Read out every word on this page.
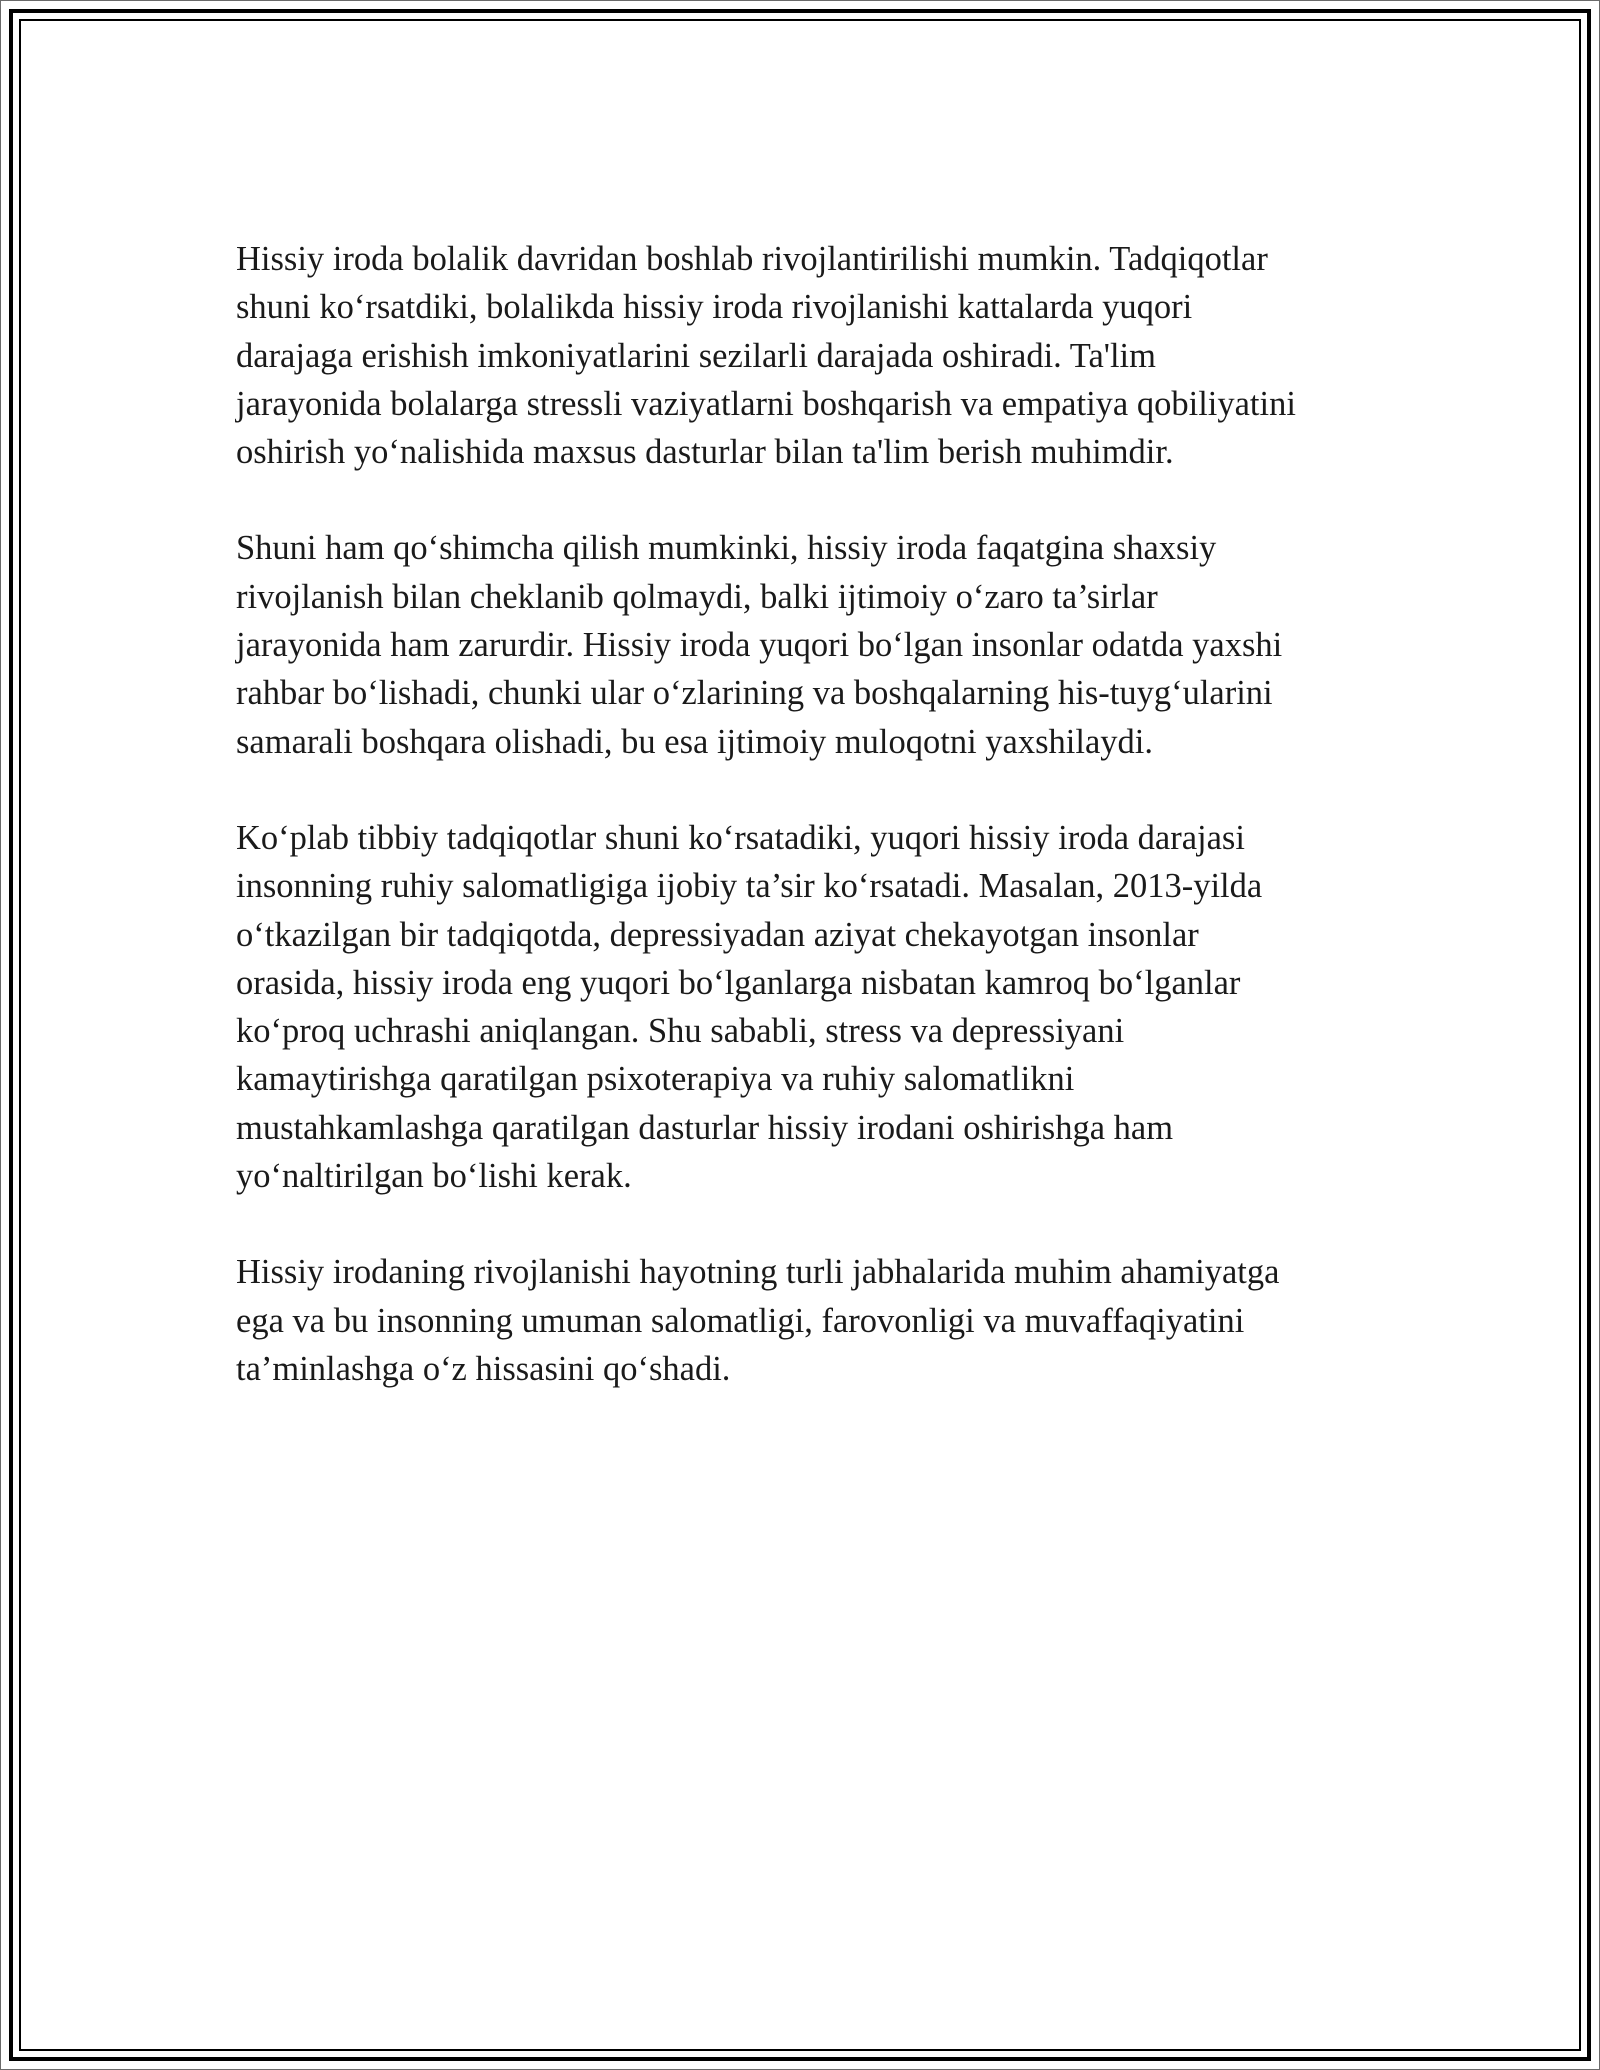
Hissiy iroda bolalik davridan boshlab rivojlantirilishi mumkin. Tadqiqotlar
shuni ko‘rsatdiki, bolalikda hissiy iroda rivojlanishi kattalarda yuqori
darajaga erishish imkoniyatlarini sezilarli darajada oshiradi. Ta'lim
jarayonida bolalarga stressli vaziyatlarni boshqarish va empatiya qobiliyatini
oshirish yo‘nalishida maxsus dasturlar bilan ta'lim berish muhimdir.

Shuni ham qo‘shimcha qilish mumkinki, hissiy iroda faqatgina shaxsiy
rivojlanish bilan cheklanib qolmaydi, balki ijtimoiy o‘zaro ta’sirlar
jarayonida ham zarurdir. Hissiy iroda yuqori bo‘lgan insonlar odatda yaxshi
rahbar bo‘lishadi, chunki ular o‘zlarining va boshqalarning his-tuyg‘ularini
samarali boshqara olishadi, bu esa ijtimoiy muloqotni yaxshilaydi.

Ko‘plab tibbiy tadqiqotlar shuni ko‘rsatadiki, yuqori hissiy iroda darajasi
insonning ruhiy salomatligiga ijobiy ta’sir ko‘rsatadi. Masalan, 2013-yilda
o‘tkazilgan bir tadqiqotda, depressiyadan aziyat chekayotgan insonlar
orasida, hissiy iroda eng yuqori bo‘lganlarga nisbatan kamroq bo‘lganlar
ko‘proq uchrashi aniqlangan. Shu sababli, stress va depressiyani
kamaytirishga qaratilgan psixoterapiya va ruhiy salomatlikni
mustahkamlashga qaratilgan dasturlar hissiy irodani oshirishga ham
yo‘naltirilgan bo‘lishi kerak.

Hissiy irodaning rivojlanishi hayotning turli jabhalarida muhim ahamiyatga
ega va bu insonning umuman salomatligi, farovonligi va muvaffaqiyatini
ta’minlashga o‘z hissasini qo‘shadi.
